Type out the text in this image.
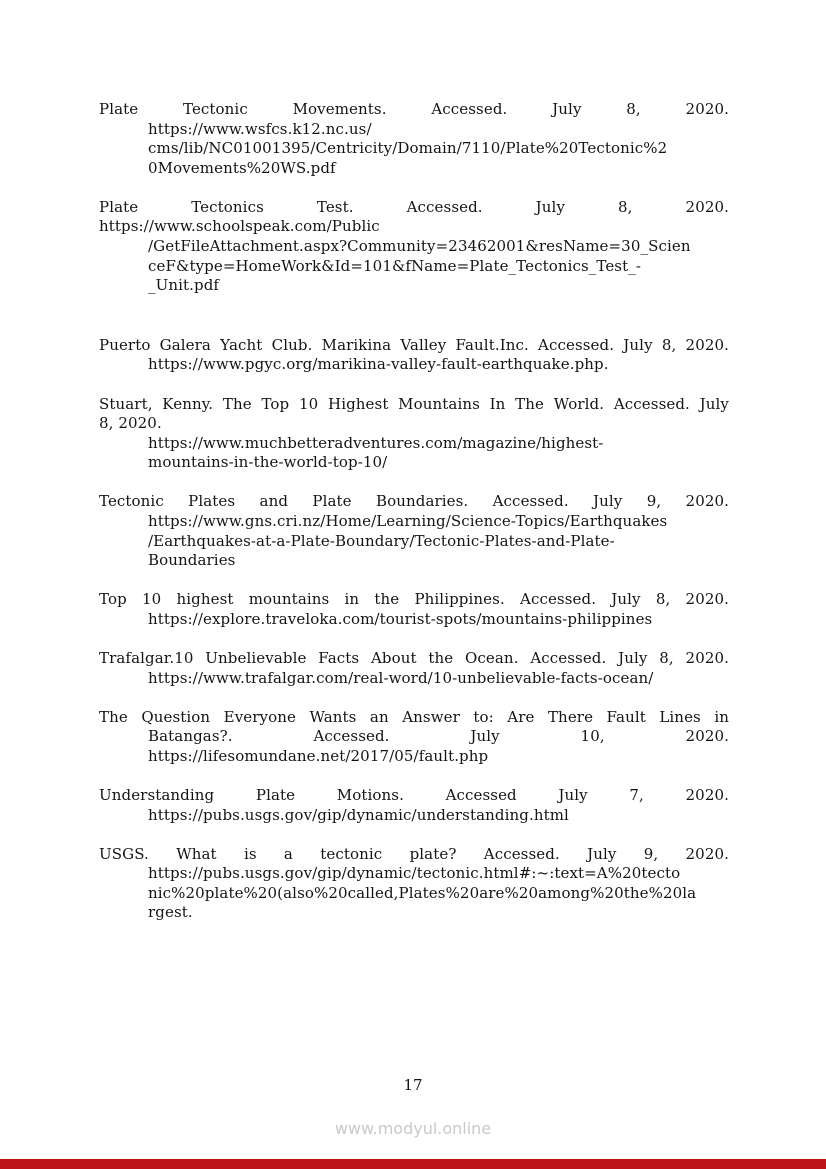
Plate Tectonic Movements. Accessed. July 8, 2020.
https://www.wsfcs.k12.nc.us/
cms/lib/NC01001395/Centricity/Domain/7110/Plate%20Tectonic%2
0Movements%20WS.pdf
Plate Tectonics Test. Accessed. July 8, 2020.
https://www.schoolspeak.com/Public
/GetFileAttachment.aspx?Community=23462001&resName=30_Scien
ceF&type=HomeWork&Id=101&fName=Plate_Tectonics_Test_-
_Unit.pdf
Puerto Galera Yacht Club. Marikina Valley Fault.Inc. Accessed. July 8, 2020.
https://www.pgyc.org/marikina-valley-fault-earthquake.php.
Stuart, Kenny. The Top 10 Highest Mountains In The World. Accessed. July
8, 2020.
https://www.muchbetteradventures.com/magazine/highest-
mountains-in-the-world-top-10/
Tectonic Plates and Plate Boundaries. Accessed. July 9, 2020.
https://www.gns.cri.nz/Home/Learning/Science-Topics/Earthquakes
/Earthquakes-at-a-Plate-Boundary/Tectonic-Plates-and-Plate-
Boundaries
Top 10 highest mountains in the Philippines. Accessed. July 8, 2020.
https://explore.traveloka.com/tourist-spots/mountains-philippines
Trafalgar.10 Unbelievable Facts About the Ocean. Accessed. July 8, 2020.
https://www.trafalgar.com/real-word/10-unbelievable-facts-ocean/
The Question Everyone Wants an Answer to: Are There Fault Lines in
Batangas?. Accessed. July 10, 2020.
https://lifesomundane.net/2017/05/fault.php
Understanding Plate Motions. Accessed July 7, 2020.
https://pubs.usgs.gov/gip/dynamic/understanding.html
USGS. What is a tectonic plate? Accessed. July 9, 2020.
https://pubs.usgs.gov/gip/dynamic/tectonic.html#:~:text=A%20tecto
nic%20plate%20(also%20called,Plates%20are%20among%20the%20la
rgest.
17
www.modyul.online
